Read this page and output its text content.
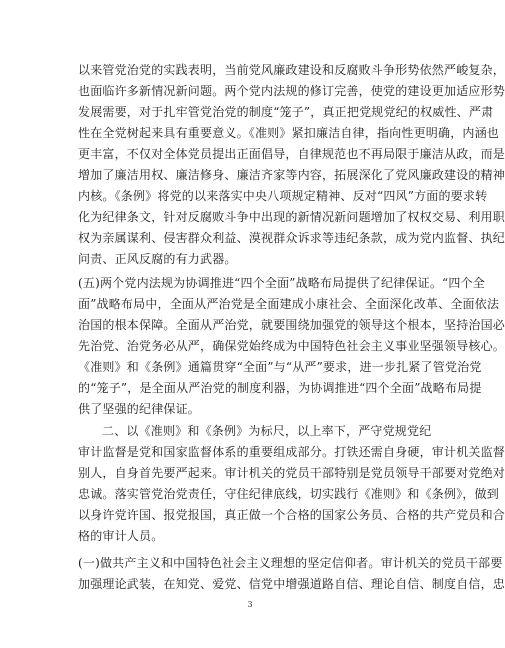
以来管党治党的实践表明，当前党风廉政建设和反腐败斗争形势依然严峻复杂，
也面临许多新情况新问题。两个党内法规的修订完善，使党的建设更加适应形势
发展需要，对于扎牢管党治党的制度“笼子”，真正把党规党纪的权威性、严肃
性在全党树起来具有重要意义。《准则》紧扣廉洁自律，指向性更明确，内涵也
更丰富，不仅对全体党员提出正面倡导，自律规范也不再局限于廉洁从政，而是
增加了廉洁用权、廉洁修身、廉洁齐家等内容，拓展深化了党风廉政建设的精神
内核。《条例》将党的以来落实中央八项规定精神、反对“四风”方面的要求转
化为纪律条文，针对反腐败斗争中出现的新情况新问题增加了权权交易、利用职
权为亲属谋利、侵害群众利益、漠视群众诉求等违纪条款，成为党内监督、执纪
问责、正风反腐的有力武器。
(五)两个党内法规为协调推进“四个全面”战略布局提供了纪律保证。“四个全
面”战略布局中，全面从严治党是全面建成小康社会、全面深化改革、全面依法
治国的根本保障。全面从严治党，就要围绕加强党的领导这个根本，坚持治国必
先治党、治党务必从严，确保党始终成为中国特色社会主义事业坚强领导核心。
《准则》和《条例》通篇贯穿“全面”与“从严”要求，进一步扎紧了管党治党
的“笼子”，是全面从严治党的制度利器，为协调推进“四个全面”战略布局提
供了坚强的纪律保证。
二、以《准则》和《条例》为标尺，以上率下，严守党规党纪
审计监督是党和国家监督体系的重要组成部分。打铁还需自身硬，审计机关监督
别人，自身首先要严起来。审计机关的党员干部特别是党员领导干部要对党绝对
忠诚。落实管党治党责任，守住纪律底线，切实践行《准则》和《条例》，做到
以身许党许国、报党报国，真正做一个合格的国家公务员、合格的共产党员和合
格的审计人员。
(一)做共产主义和中国特色社会主义理想的坚定信仰者。审计机关的党员干部要
加强理论武装，在知党、爱党、信党中增强道路自信、理论自信、制度自信，忠
3
